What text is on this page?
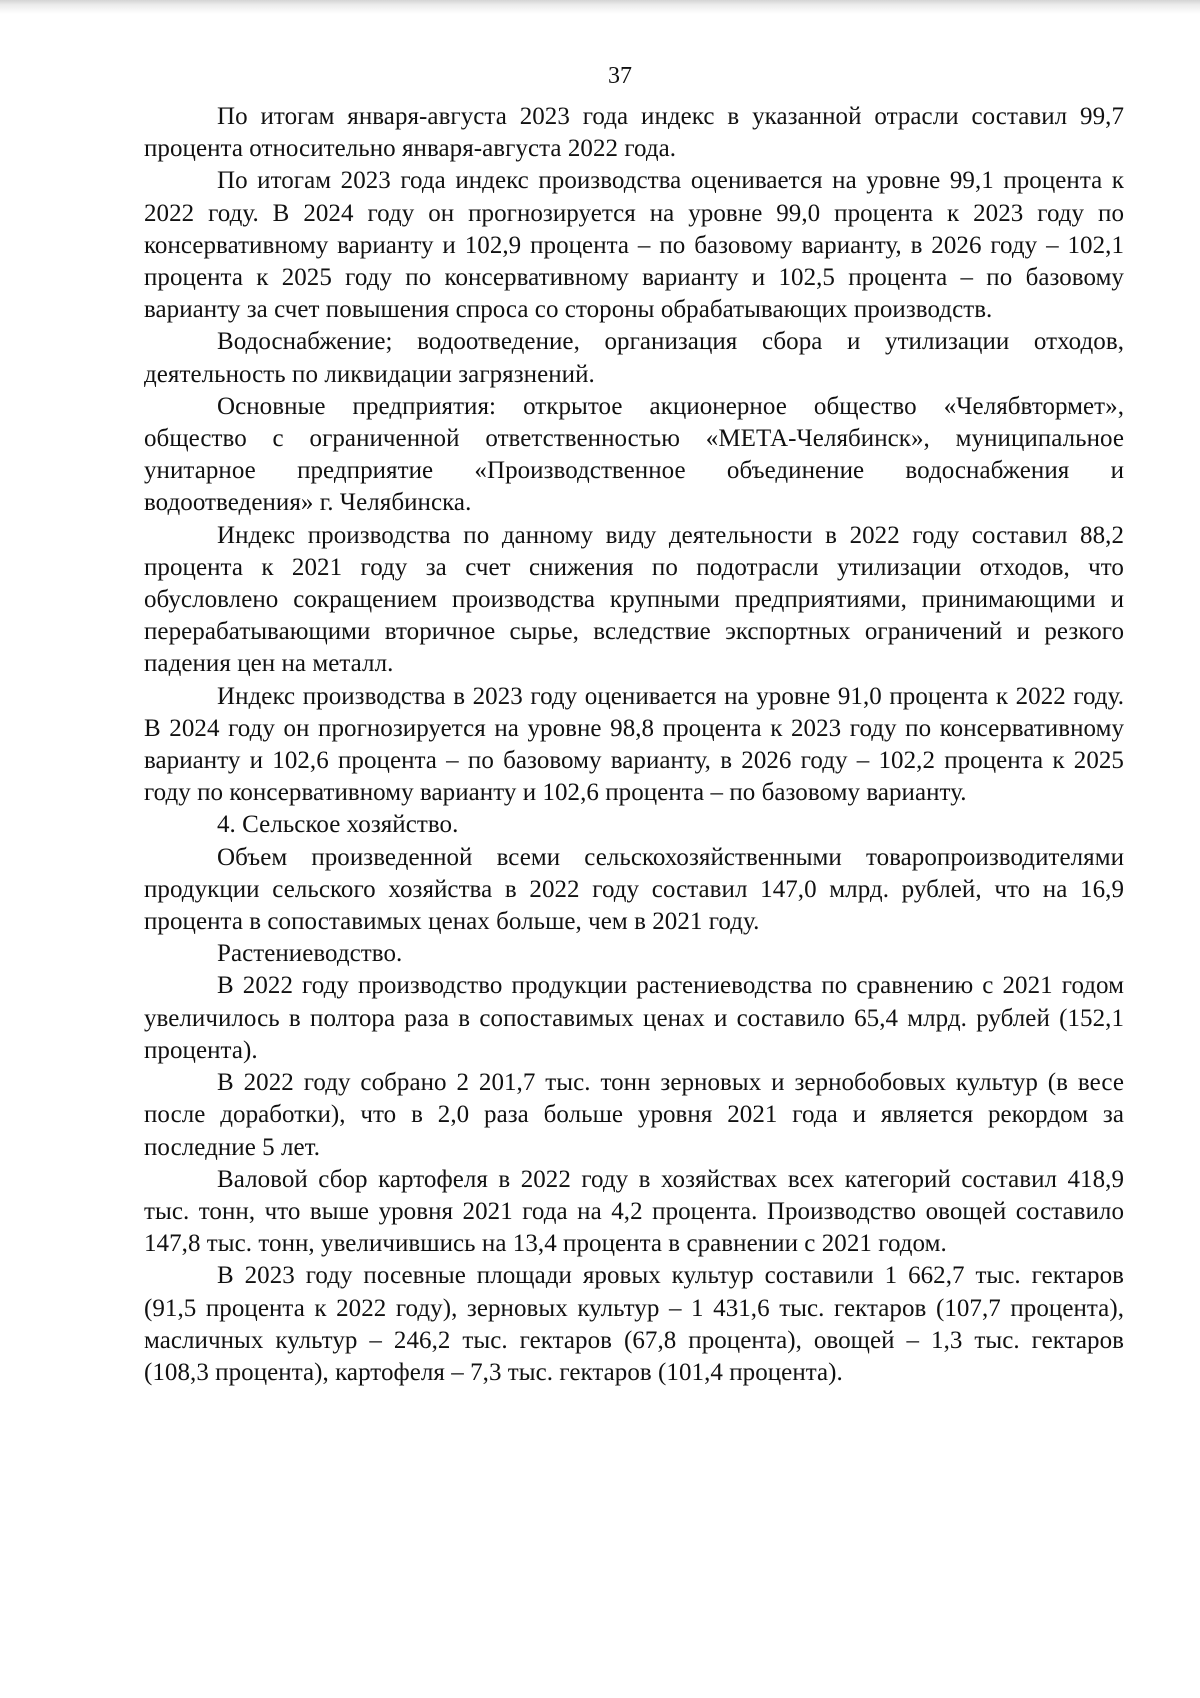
37

По итогам января-августа 2023 года индекс в указанной отрасли составил 99,7 процента относительно января-августа 2022 года.

По итогам 2023 года индекс производства оценивается на уровне 99,1 процента к 2022 году. В 2024 году он прогнозируется на уровне 99,0 процента к 2023 году по консервативному варианту и 102,9 процента – по базовому варианту, в 2026 году – 102,1 процента к 2025 году по консервативному варианту и 102,5 процента – по базовому варианту за счет повышения спроса со стороны обрабатывающих производств.

Водоснабжение; водоотведение, организация сбора и утилизации отходов, деятельность по ликвидации загрязнений.

Основные предприятия: открытое акционерное общество «Челябвтормет», общество с ограниченной ответственностью «МЕТА-Челябинск», муниципальное унитарное предприятие «Производственное объединение водоснабжения и водоотведения» г. Челябинска.

Индекс производства по данному виду деятельности в 2022 году составил 88,2 процента к 2021 году за счет снижения по подотрасли утилизации отходов, что обусловлено сокращением производства крупными предприятиями, принимающими и перерабатывающими вторичное сырье, вследствие экспортных ограничений и резкого падения цен на металл.

Индекс производства в 2023 году оценивается на уровне 91,0 процента к 2022 году. В 2024 году он прогнозируется на уровне 98,8 процента к 2023 году по консервативному варианту и 102,6 процента – по базовому варианту, в 2026 году – 102,2 процента к 2025 году по консервативному варианту и 102,6 процента – по базовому варианту.

4. Сельское хозяйство.

Объем произведенной всеми сельскохозяйственными товаропроизводителями продукции сельского хозяйства в 2022 году составил 147,0 млрд. рублей, что на 16,9 процента в сопоставимых ценах больше, чем в 2021 году.

Растениеводство.

В 2022 году производство продукции растениеводства по сравнению с 2021 годом увеличилось в полтора раза в сопоставимых ценах и составило 65,4 млрд. рублей (152,1 процента).

В 2022 году собрано 2 201,7 тыс. тонн зерновых и зернобобовых культур (в весе после доработки), что в 2,0 раза больше уровня 2021 года и является рекордом за последние 5 лет.

Валовой сбор картофеля в 2022 году в хозяйствах всех категорий составил 418,9 тыс. тонн, что выше уровня 2021 года на 4,2 процента. Производство овощей составило 147,8 тыс. тонн, увеличившись на 13,4 процента в сравнении с 2021 годом.

В 2023 году посевные площади яровых культур составили 1 662,7 тыс. гектаров (91,5 процента к 2022 году), зерновых культур – 1 431,6 тыс. гектаров (107,7 процента), масличных культур – 246,2 тыс. гектаров (67,8 процента), овощей – 1,3 тыс. гектаров (108,3 процента), картофеля – 7,3 тыс. гектаров (101,4 процента).
